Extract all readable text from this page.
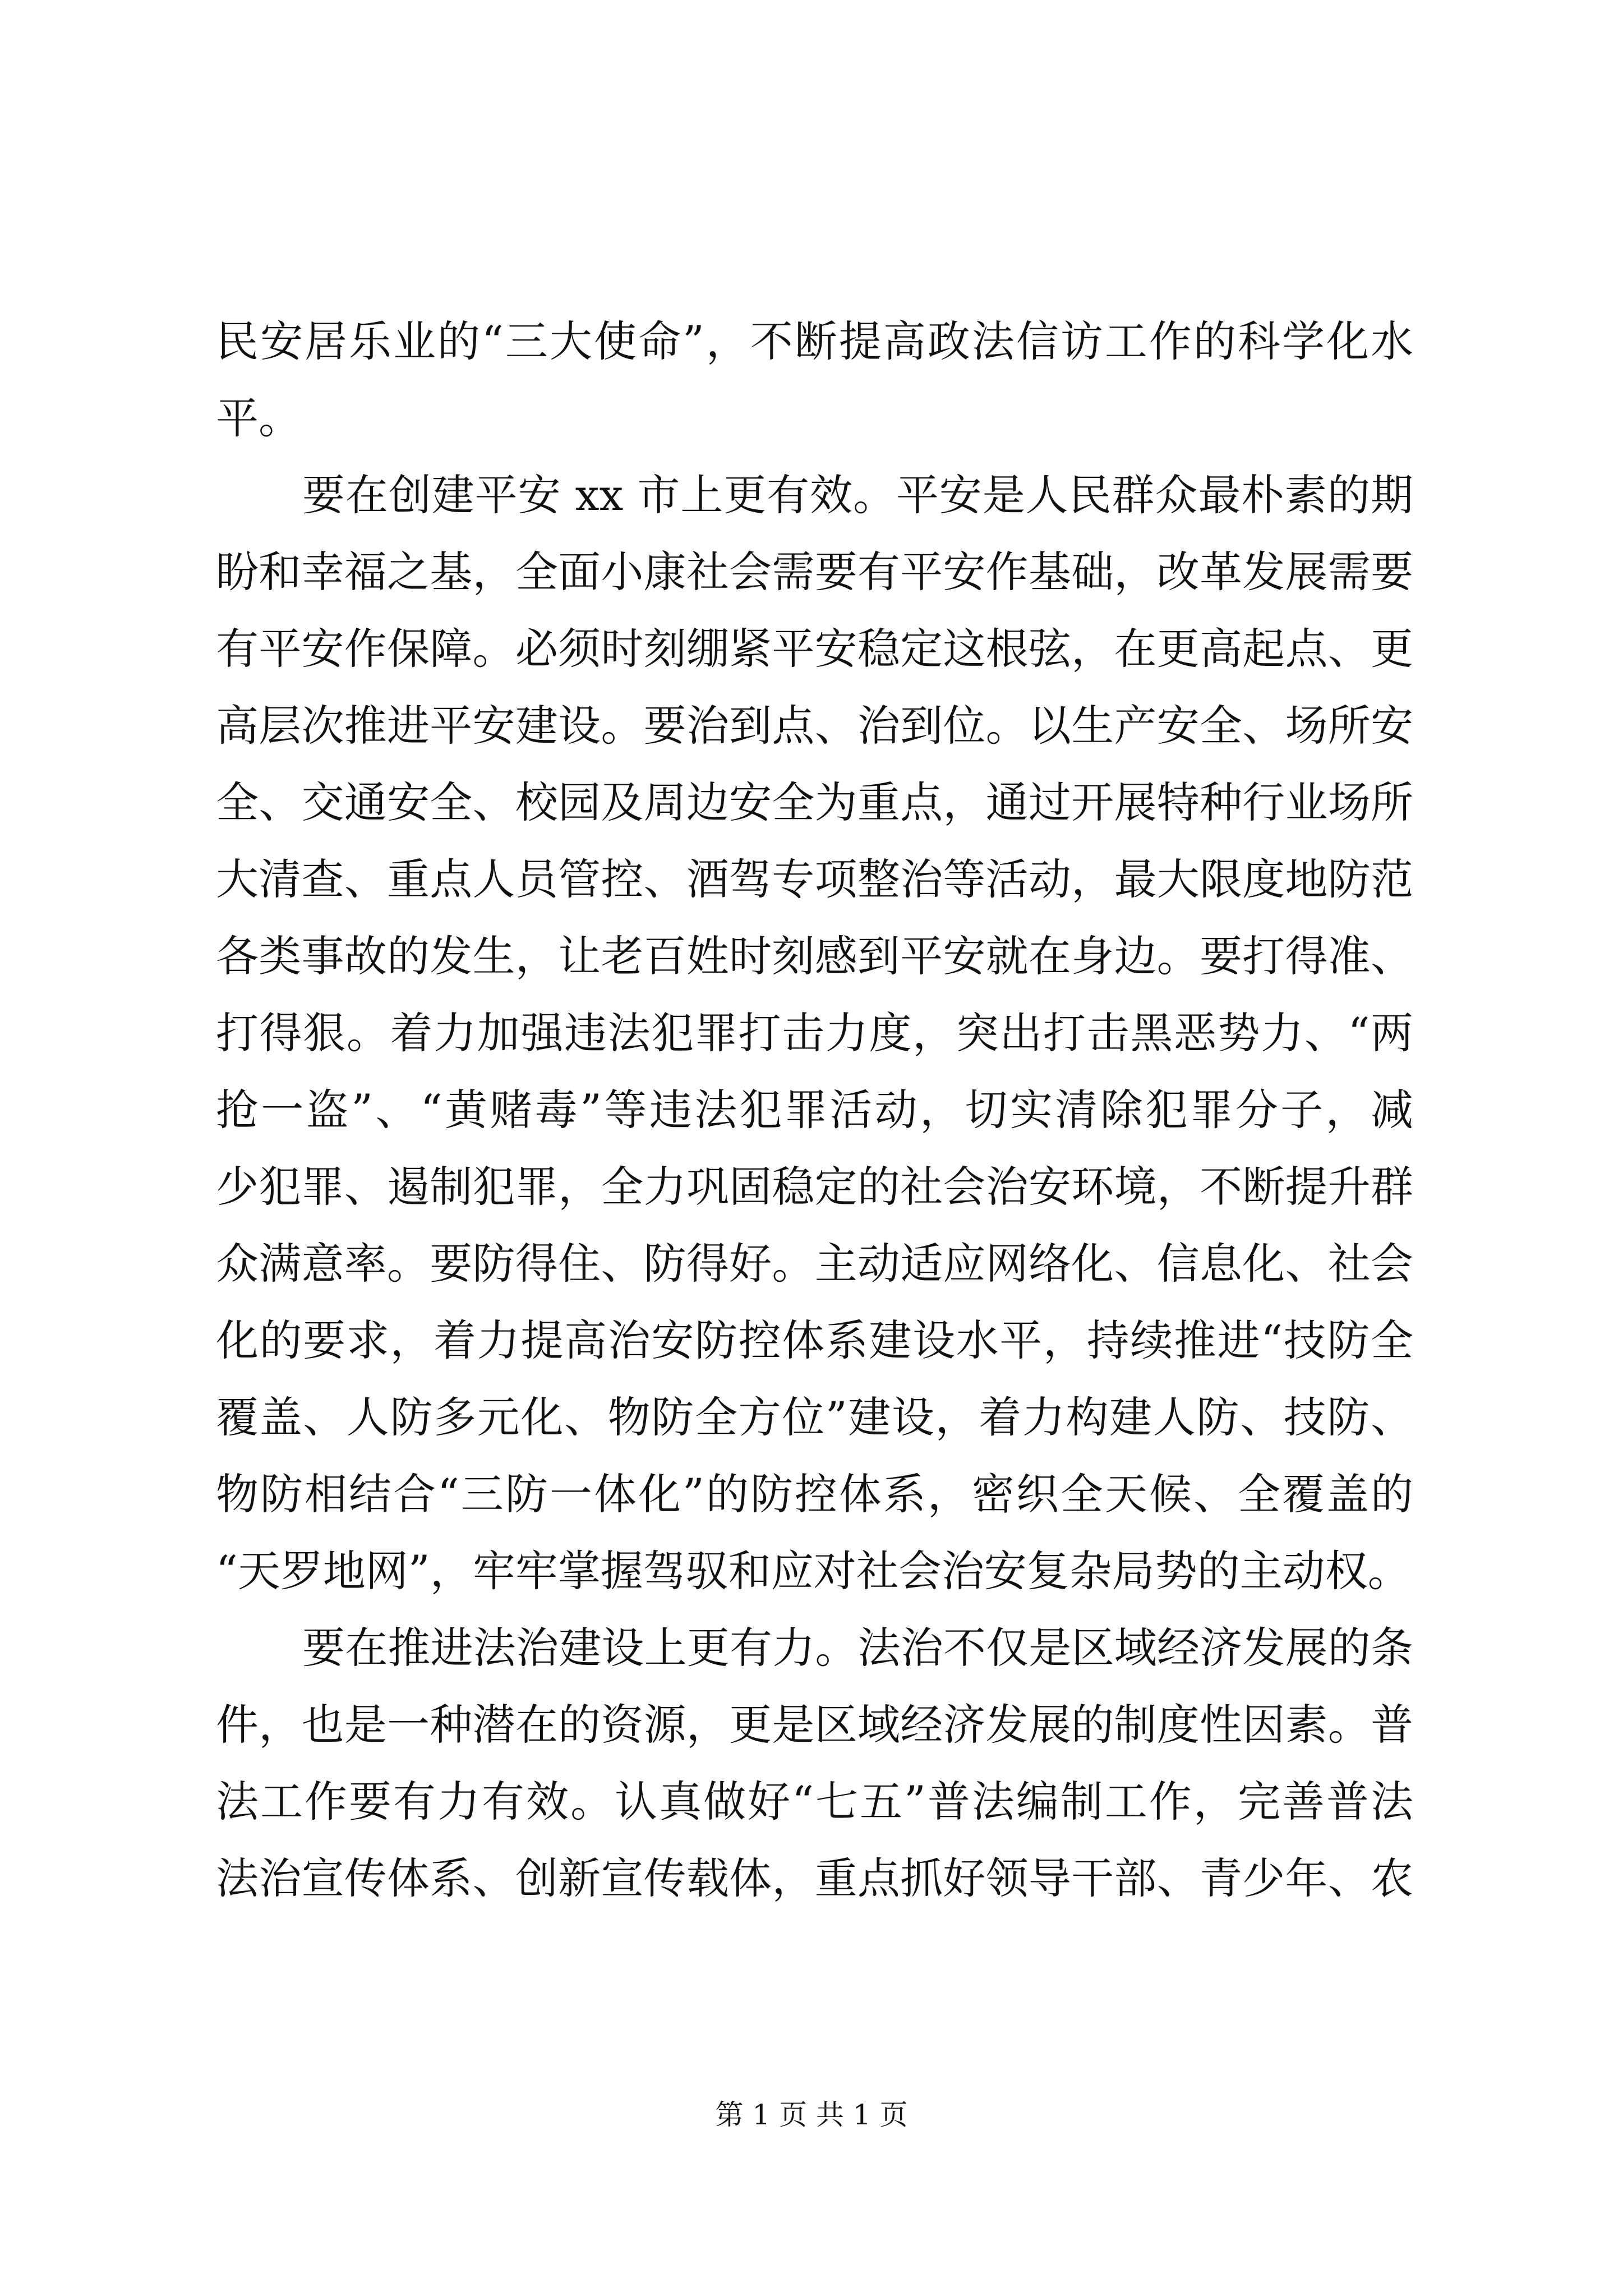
民安居乐业的“三大使命”，不断提高政法信访工作的科学化水
平。
要在创建平安 xx 市上更有效。平安是人民群众最朴素的期
盼和幸福之基，全面小康社会需要有平安作基础，改革发展需要
有平安作保障。必须时刻绷紧平安稳定这根弦，在更高起点、更
高层次推进平安建设。要治到点、治到位。以生产安全、场所安
全、交通安全、校园及周边安全为重点，通过开展特种行业场所
大清查、重点人员管控、酒驾专项整治等活动，最大限度地防范
各类事故的发生，让老百姓时刻感到平安就在身边。要打得准、
打得狠。着力加强违法犯罪打击力度，突出打击黑恶势力、“两
抢一盗”、“黄赌毒”等违法犯罪活动，切实清除犯罪分子，减
少犯罪、遏制犯罪，全力巩固稳定的社会治安环境，不断提升群
众满意率。要防得住、防得好。主动适应网络化、信息化、社会
化的要求，着力提高治安防控体系建设水平，持续推进“技防全
覆盖、人防多元化、物防全方位”建设，着力构建人防、技防、
物防相结合“三防一体化”的防控体系，密织全天候、全覆盖的
“天罗地网”，牢牢掌握驾驭和应对社会治安复杂局势的主动权。
要在推进法治建设上更有力。法治不仅是区域经济发展的条
件，也是一种潜在的资源，更是区域经济发展的制度性因素。普
法工作要有力有效。认真做好“七五”普法编制工作，完善普法
法治宣传体系、创新宣传载体，重点抓好领导干部、青少年、农
第 1 页 共 1 页
